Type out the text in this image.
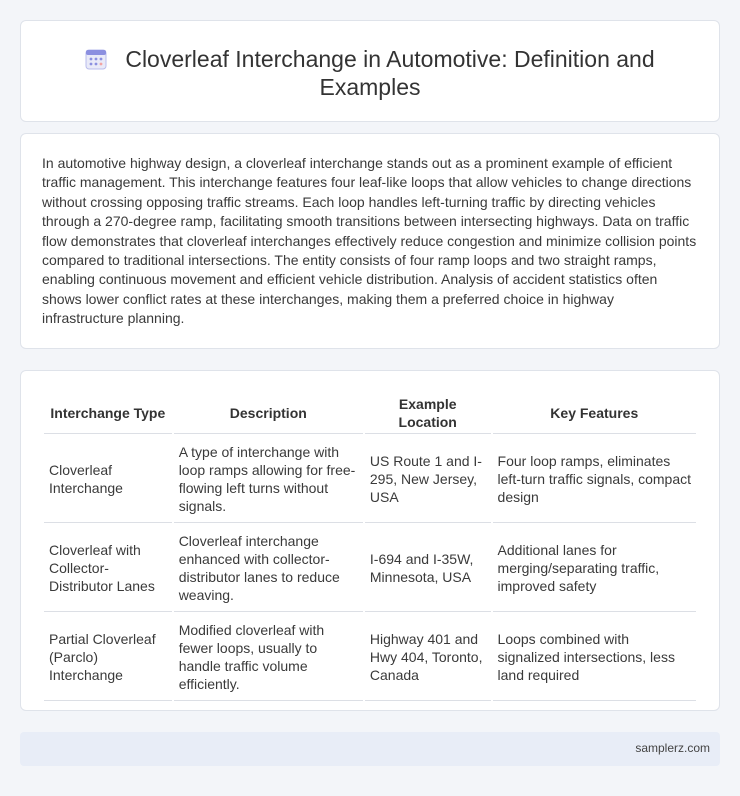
Cloverleaf Interchange in Automotive: Definition and Examples

In automotive highway design, a cloverleaf interchange stands out as a prominent example of efficient traffic management. This interchange features four leaf-like loops that allow vehicles to change directions without crossing opposing traffic streams. Each loop handles left-turning traffic by directing vehicles through a 270-degree ramp, facilitating smooth transitions between intersecting highways. Data on traffic flow demonstrates that cloverleaf interchanges effectively reduce congestion and minimize collision points compared to traditional intersections. The entity consists of four ramp loops and two straight ramps, enabling continuous movement and efficient vehicle distribution. Analysis of accident statistics often shows lower conflict rates at these interchanges, making them a preferred choice in highway infrastructure planning.

Interchange Type	Description	Example Location	Key Features
Cloverleaf Interchange	A type of interchange with loop ramps allowing for free-flowing left turns without signals.	US Route 1 and I-295, New Jersey, USA	Four loop ramps, eliminates left-turn traffic signals, compact design
Cloverleaf with Collector-Distributor Lanes	Cloverleaf interchange enhanced with collector-distributor lanes to reduce weaving.	I-694 and I-35W, Minnesota, USA	Additional lanes for merging/separating traffic, improved safety
Partial Cloverleaf (Parclo) Interchange	Modified cloverleaf with fewer loops, usually to handle traffic volume efficiently.	Highway 401 and Hwy 404, Toronto, Canada	Loops combined with signalized intersections, less land required
samplerz.com
